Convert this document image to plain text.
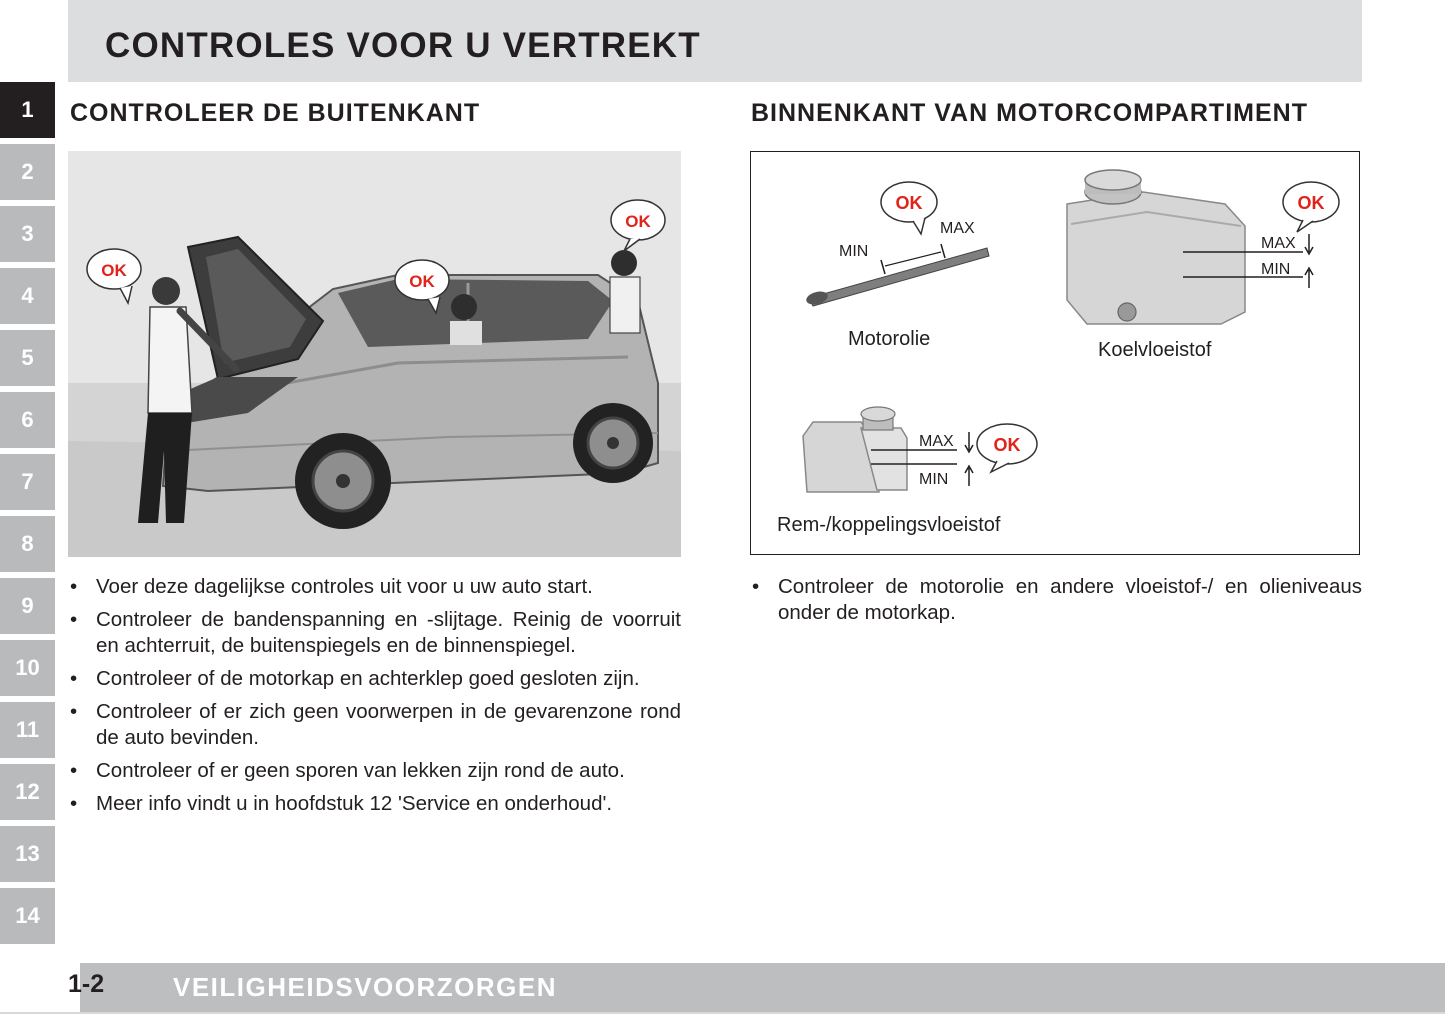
CONTROLES VOOR U VERTREKT
1
2
3
4
5
6
7
8
9
10
11
12
13
14
CONTROLEER DE BUITENKANT
OK
OK
OK
• Voer deze dagelijkse controles uit voor u uw auto start.
• Controleer de bandenspanning en -slijtage. Reinig de voorruit en achterruit, de buitenspiegels en de binnenspiegel.
• Controleer of de motorkap en achterklep goed gesloten zijn.
• Controleer of er zich geen voorwerpen in de gevarenzone rond de auto bevinden.
• Controleer of er geen sporen van lekken zijn rond de auto.
• Meer info vindt u in hoofdstuk 12 'Service en onderhoud'.
BINNENKANT VAN MOTORCOMPARTIMENT
MIN
MAX
OK
MAX
MIN
OK
MAX
MIN
OK
Motorolie	Koelvloeistof
Rem-/koppelingsvloeistof
• Controleer de motorolie en andere vloeistof-/ en olieniveaus onder de motorkap.
1-2	VEILIGHEIDSVOORZORGEN
